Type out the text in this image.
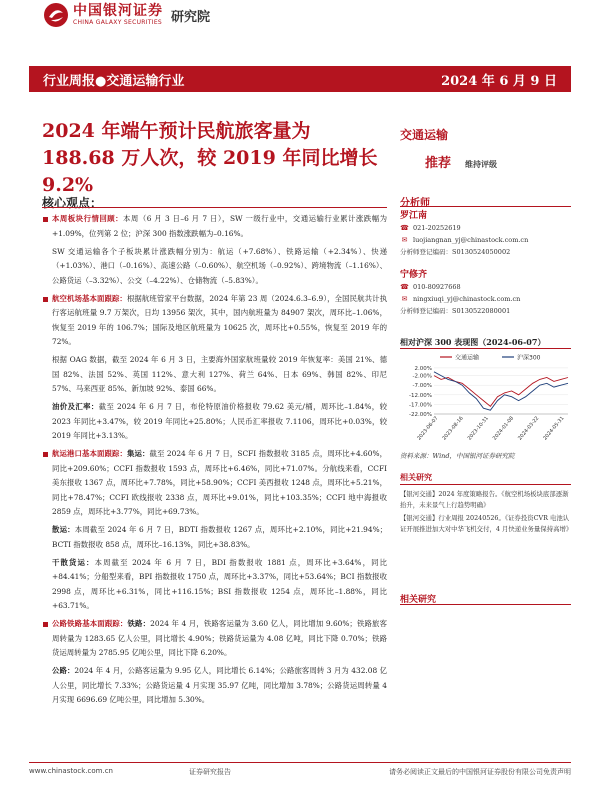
中国银河证券
CHINA GALAXY SECURITIES 研究院
行业周报●交通运输行业	2024 年 6 月 9 日
2024 年端午预计民航旅客量为 188.68 万人次，较 2019 年同比增长 9.2%
交通运输
推荐 维持评级
核心观点：
本周板块行情回顾：本周（6 月 3 日–6 月 7 日），SW 一级行业中，交通运输行业累计涨跌幅为+1.09%，位列第 2 位；沪深 300 指数涨跌幅为–0.16%。
SW 交通运输各个子板块累计涨跌幅分别为：航运（+7.68%）、铁路运输（+2.34%）、快递（+1.03%）、港口（–0.16%）、高速公路（–0.60%）、航空机场（–0.92%）、跨境物流（–1.16%）、公路货运（–3.32%）、公交（–4.22%）、仓储物流（–5.83%）。
航空机场基本面跟踪：根据航班管家平台数据，2024 年第 23 周（2024.6.3–6.9），全国民航共计执行客运航班量 9.7 万架次，日均 13956 架次，其中，国内航班量为 84907 架次，周环比–1.06%，恢复至 2019 年的 106.7%；国际及地区航班量为 10625 次，周环比+0.55%，恢复至 2019 年的 72%。
根据 OAG 数据，截至 2024 年 6 月 3 日，主要海外国家航班量较 2019 年恢复率：美国 21%、德国 82%、法国 52%、英国 112%、意大利 127%、荷兰 64%、日本 69%、韩国 82%、印尼 57%、马来西亚 85%、新加坡 92%、泰国 66%。
油价及汇率：截至 2024 年 6 月 7 日，布伦特原油价格报收 79.62 美元/桶，周环比–1.84%，较 2023 年同比+3.47%，较 2019 年同比+25.80%；人民币汇率报收 7.1106，周环比+0.03%，较 2019 年同比+3.13%。
航运港口基本面跟踪：集运：截至 2024 年 6 月 7 日，SCFI 指数报收 3185 点，周环比+4.60%，同比+209.60%；CCFI 指数报收 1593 点，周环比+6.46%，同比+71.07%。分航线来看，CCFI 美东报收 1367 点，周环比+7.78%，同比+58.90%；CCFI 美西报收 1248 点，周环比+5.21%，同比+78.47%；CCFI 欧线报收 2338 点，周环比+9.01%，同比+103.35%；CCFI 地中海报收 2859 点，周环比+3.77%，同比+69.73%。
散运：本周截至 2024 年 6 月 7 日，BDTI 指数报收 1267 点，周环比+2.10%，同比+21.94%；BCTI 指数报收 858 点，周环比–16.13%，同比+38.83%。
干散货运：本周截至 2024 年 6 月 7 日，BDI 指数报收 1881 点，周环比+3.64%，同比+84.41%；分船型来看，BPI 指数报收 1750 点，周环比+3.37%，同比+53.64%；BCI 指数报收 2998 点，周环比+6.31%，同比+116.15%；BSI 指数报收 1254 点，周环比–1.88%，同比+63.71%。
公路铁路基本面跟踪：铁路：2024 年 4 月，铁路客运量为 3.60 亿人，同比增加 9.60%；铁路旅客周转量为 1283.65 亿人公里，同比增长 4.90%；铁路货运量为 4.08 亿吨，同比下降 0.70%；铁路货运周转量为 2785.95 亿吨公里，同比下降 6.20%。
公路：2024 年 4 月，公路客运量为 9.95 亿人，同比增长 6.14%；公路旅客周转 3 月为 432.08 亿人公里，同比增长 7.33%；公路货运量 4 月实现 35.97 亿吨，同比增加 3.78%；公路货运周转量 4 月实现 6696.69 亿吨公里，同比增加 5.30%。
分析师
罗江南
☎ 021-20252619
✉ luojiangnan_yj@chinastock.com.cn
分析师登记编码：S0130524050002
宁修齐
☎ 010-80927668
✉ ningxiuqi_yj@chinastock.com.cn
分析师登记编码：S0130522080001
相对沪深 300 表现图（2024-06-07）
交通运输	沪深300
2.00%
-2.00%
-7.00%
-12.00%
-17.00%
-22.00%
2023-06-07 2023-08-16 2023-10-31 2024-01-08 2024-03-22 2024-05-31
资料来源：Wind，中国银河证券研究院
相关研究
【银河交通】2024 年度策略报告。《航空机场板块底部逐渐抬升，未来景气上行趋势明确》
【银河交通】行业周报 20240526。《证券投资CVR 电池认证开展推进加大对中华飞机交付，4 月快递业务量保持高增》
相关研究
www.chinastock.com.cn	证券研究报告	请务必阅读正文最后的中国银河证券股份有限公司免责声明
